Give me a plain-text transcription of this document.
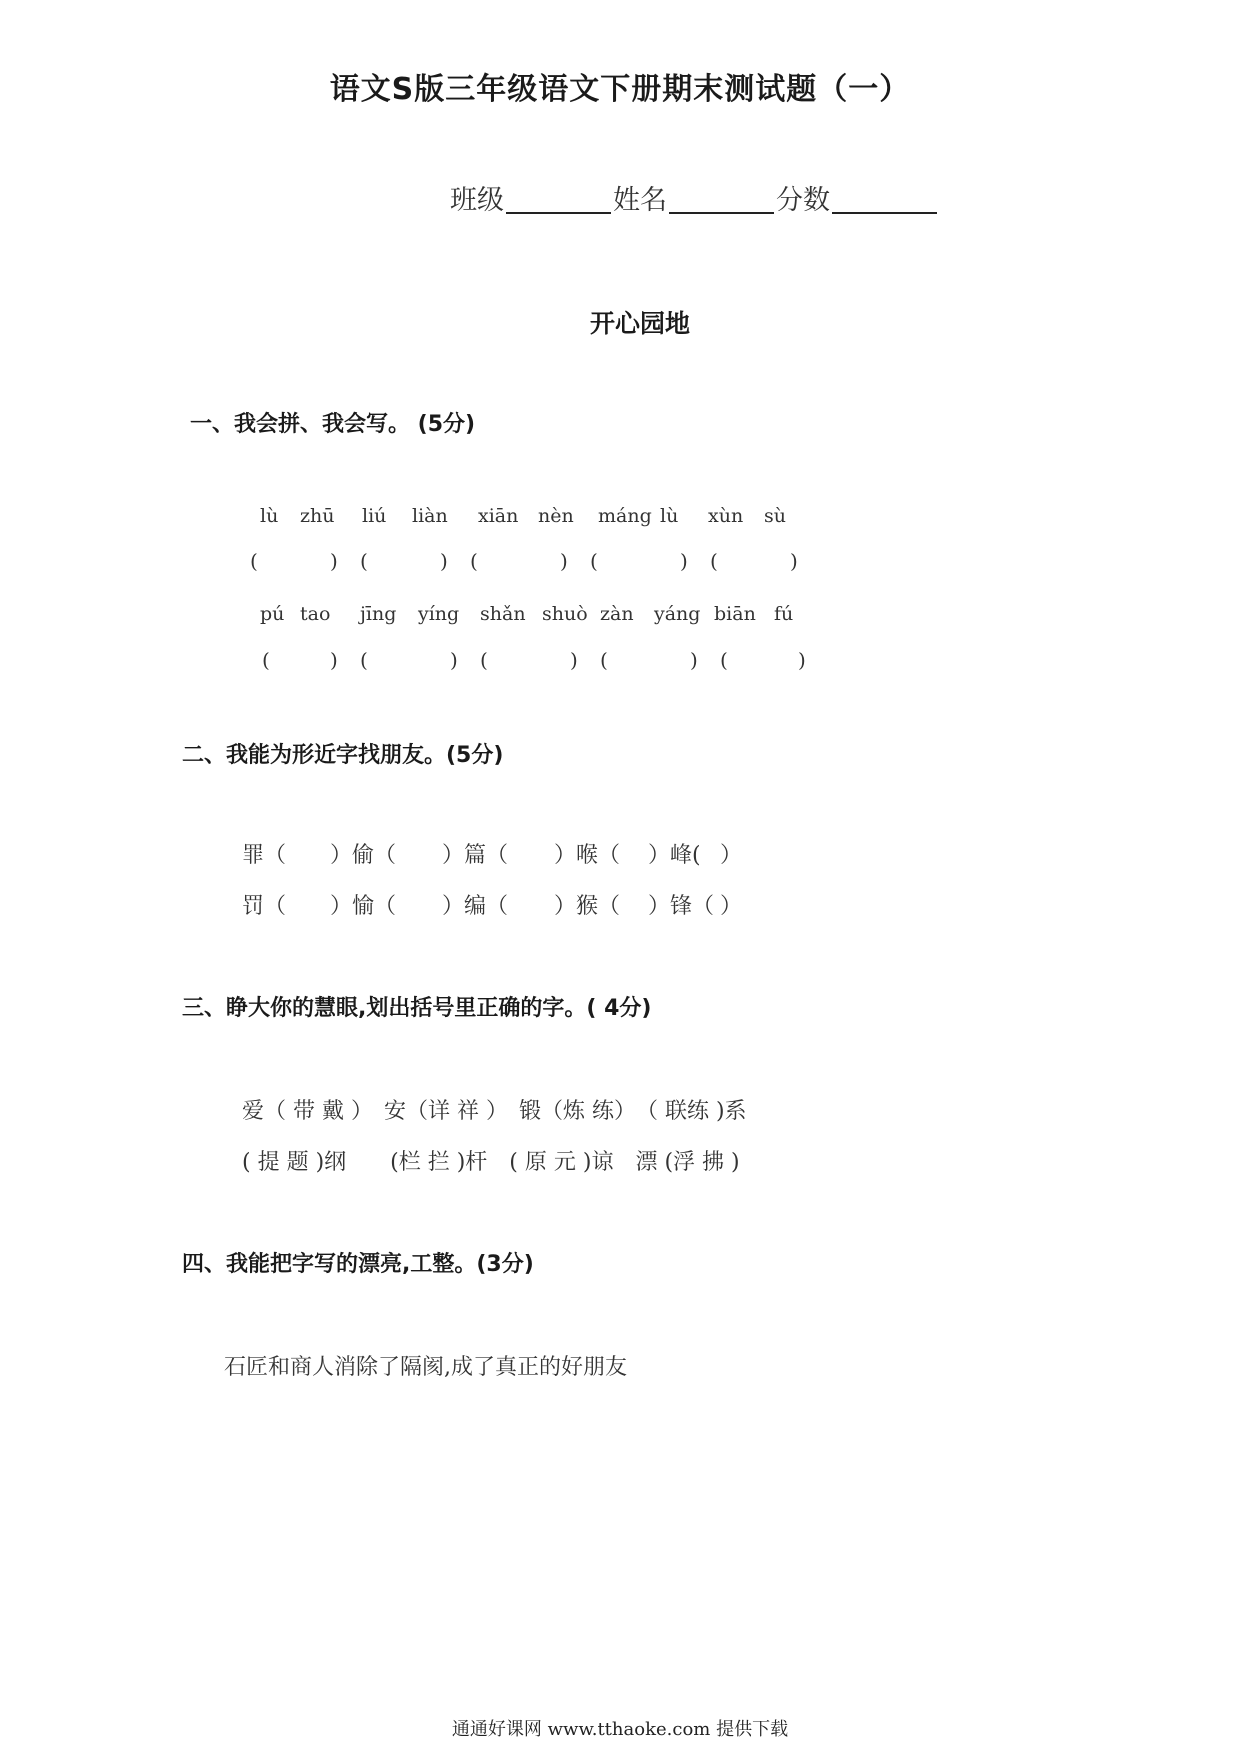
语文S版三年级语文下册期末测试题（一）
班级	姓名	分数
开心园地
一、我会拼、我会写。 (5分)
lù	zhū	liú	liàn	xiān	nèn	máng lù	xùn	sù
(	)	(	)	(	)	(	)	(	)
pú tao	jīng	yíng	shǎn shuò zàn	yáng biān fú
(	)	(	)	(	)	(	)	(	)
二、我能为形近字找朋友。(5分)
罪（	）偷（	）篇（	）喉（	）峰( ）
罚（	）愉（	）编（	）猴（	）锋（ ）
三、睁大你的慧眼,划出括号里正确的字。( 4分)
爱（ 带 戴 ）　安（详 祥 ）　锻（炼 练）　（ 联练 )系
( 提 题 )纲　　(栏 拦 )杆　( 原 元 )谅　漂 (浮 拂 )
四、我能把字写的漂亮,工整。(3分)
石匠和商人消除了隔阂,成了真正的好朋友
通通好课网 www.tthaoke.com 提供下载
